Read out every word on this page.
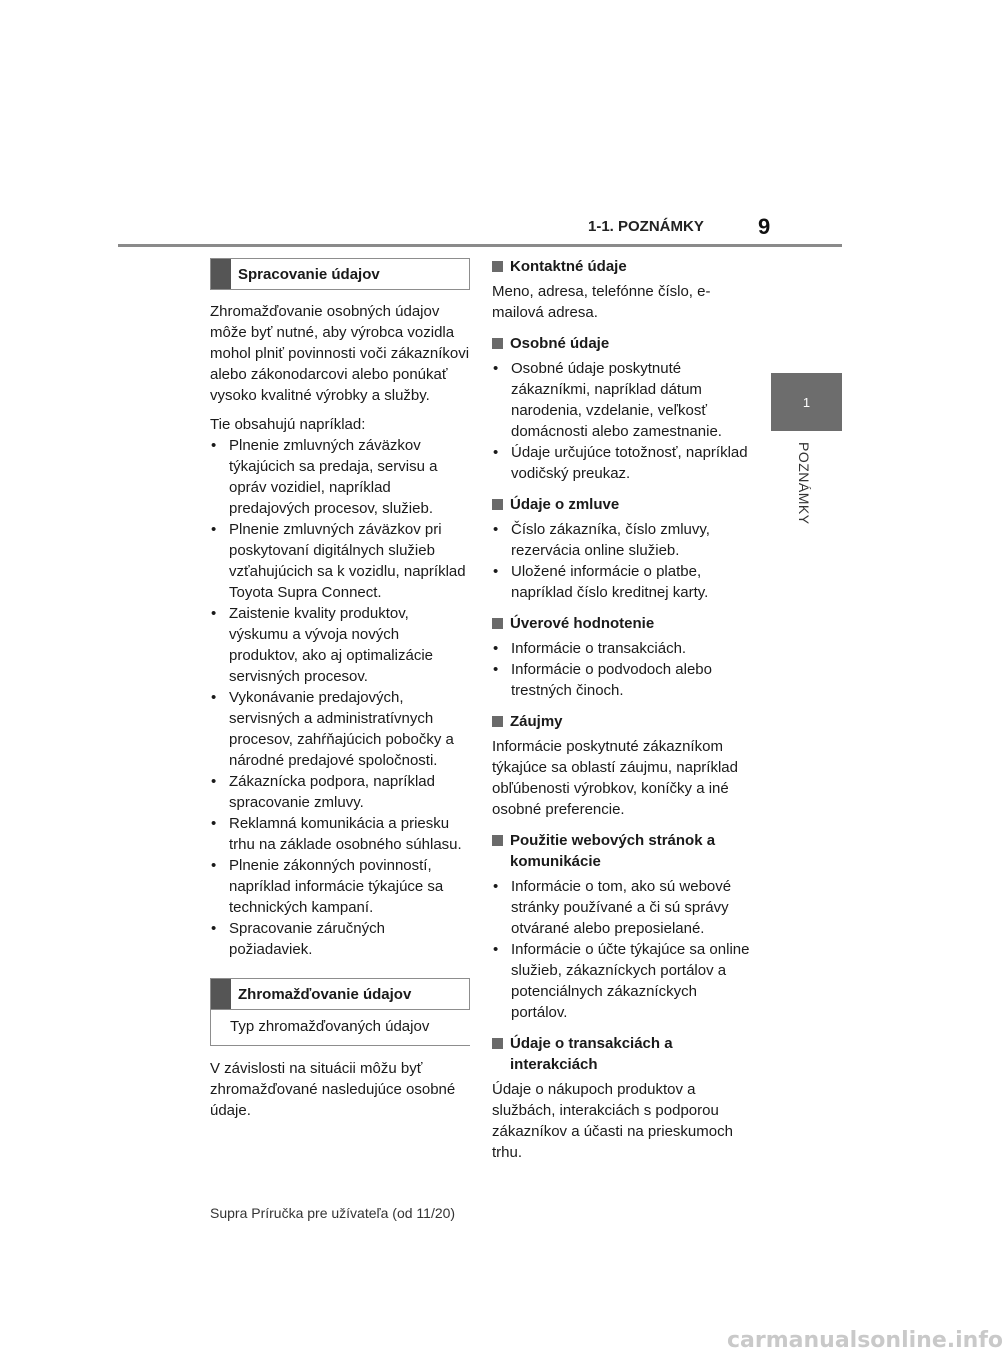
1-1. POZNÁMKY 9
1
POZNÁMKY
Spracovanie údajov

Zhromažďovanie osobných údajov môže byť nutné, aby výrobca vozidla mohol plniť povinnosti voči zákazníkovi alebo zákonodarcovi alebo ponúkať vysoko kvalitné výrobky a služby.

Tie obsahujú napríklad:

• Plnenie zmluvných záväzkov týkajúcich sa predaja, servisu a opráv vozidiel, napríklad predajových procesov, služieb.
• Plnenie zmluvných záväzkov pri poskytovaní digitálnych služieb vzťahujúcich sa k vozidlu, napríklad Toyota Supra Connect.
• Zaistenie kvality produktov, výskumu a vývoja nových produktov, ako aj optimalizácie servisných procesov.
• Vykonávanie predajových, servisných a administratívnych procesov, zahŕňajúcich pobočky a národné predajové spoločnosti.
• Zákaznícka podpora, napríklad spracovanie zmluvy.
• Reklamná komunikácia a priesku trhu na základe osobného súhlasu.
• Plnenie zákonných povinností, napríklad informácie týkajúce sa technických kampaní.
• Spracovanie záručných požiadaviek.
Zhromažďovanie údajov
Typ zhromažďovaných údajov

V závislosti na situácii môžu byť zhromažďované nasledujúce osobné údaje.

Kontaktné údaje

Meno, adresa, telefónne číslo, e-mailová adresa.

Osobné údaje
• Osobné údaje poskytnuté zákazníkmi, napríklad dátum narodenia, vzdelanie, veľkosť domácnosti alebo zamestnanie.
• Údaje určujúce totožnosť, napríklad vodičský preukaz.
Údaje o zmluve
• Číslo zákazníka, číslo zmluvy, rezervácia online služieb.
• Uložené informácie o platbe, napríklad číslo kreditnej karty.
Úverové hodnotenie
• Informácie o transakciách.
• Informácie o podvodoch alebo trestných činoch.
Záujmy

Informácie poskytnuté zákazníkom týkajúce sa oblastí záujmu, napríklad obľúbenosti výrobkov, koníčky a iné osobné preferencie.

Použitie webových stránok a komunikácie
• Informácie o tom, ako sú webové stránky používané a či sú správy otvárané alebo preposielané.
• Informácie o účte týkajúce sa online služieb, zákazníckych portálov a potenciálnych zákazníckych portálov.
Údaje o transakciách a interakciách

Údaje o nákupoch produktov a službách, interakciách s podporou zákazníkov a účasti na prieskumoch trhu.

Supra Príručka pre užívateľa (od 11/20)
carmanualsonline.info
